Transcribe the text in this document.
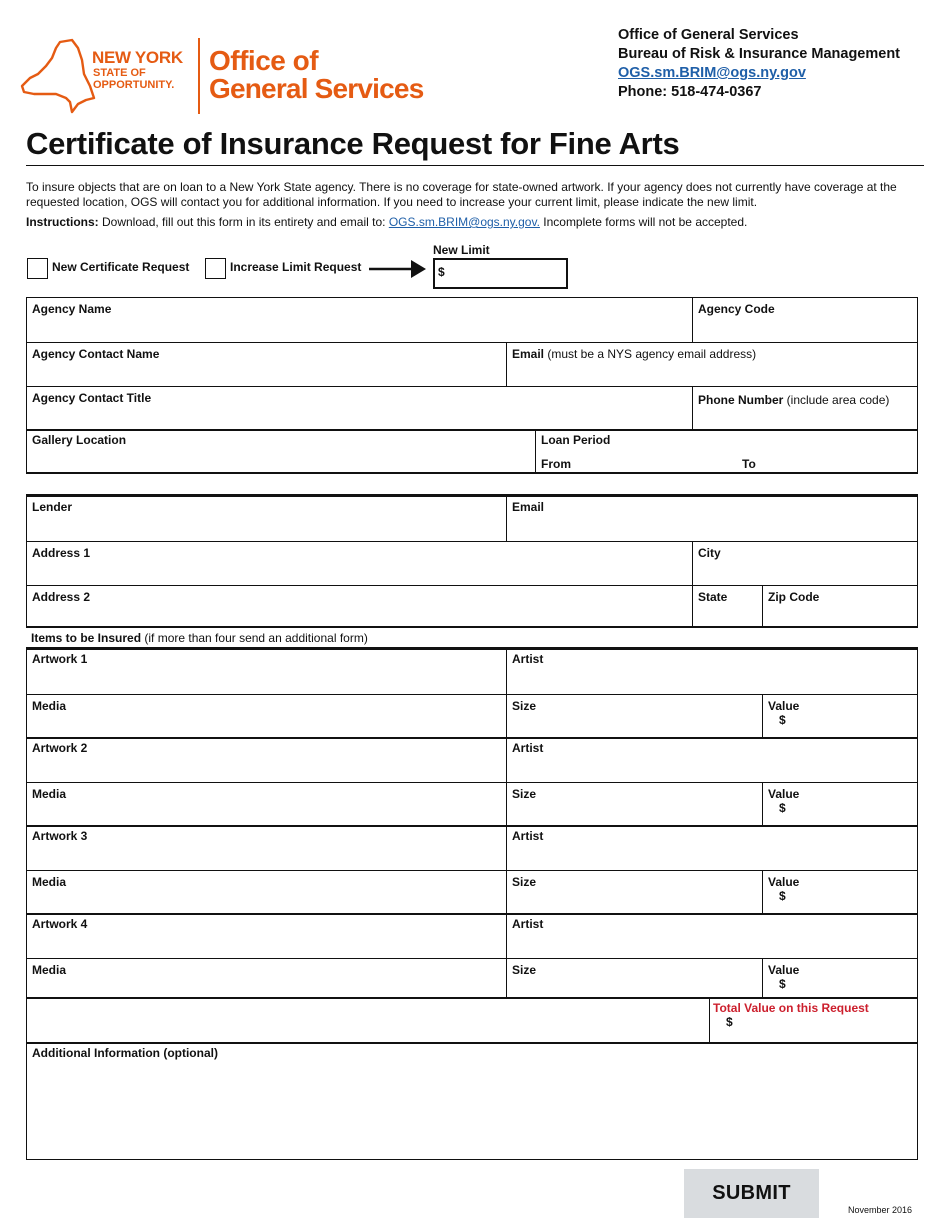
NEW YORK
STATE OF
OPPORTUNITY.
Office of
General Services
Office of General Services
Bureau of Risk & Insurance Management
OGS.sm.BRIM@ogs.ny.gov
Phone: 518-474-0367
Certificate of Insurance Request for Fine Arts
To insure objects that are on loan to a New York State agency. There is no coverage for state-owned artwork. If your agency does not currently have coverage at the requested location, OGS will contact you for additional information. If you need to increase your current limit, please indicate the new limit.
Instructions: Download, fill out this form in its entirety and email to: OGS.sm.BRIM@ogs.ny.gov. Incomplete forms will not be accepted.
New Certificate Request	Increase Limit Request
New Limit
$
Agency Name	Agency Code
Agency Contact Name	Email (must be a NYS agency email address)
Agency Contact Title	Phone Number (include area code)
Gallery Location	Loan Period
From	To
Lender	Email
Address 1	City
Address 2	State	Zip Code
Items to be Insured (if more than four send an additional form)
Artwork 1	Artist
Media	Size	Value
$
Artwork 2	Artist
Media	Size	Value
$
Artwork 3	Artist
Media	Size	Value
$
Artwork 4	Artist
Media	Size	Value
$
Total Value on this Request
$
Additional Information (optional)
SUBMIT
November 2016
